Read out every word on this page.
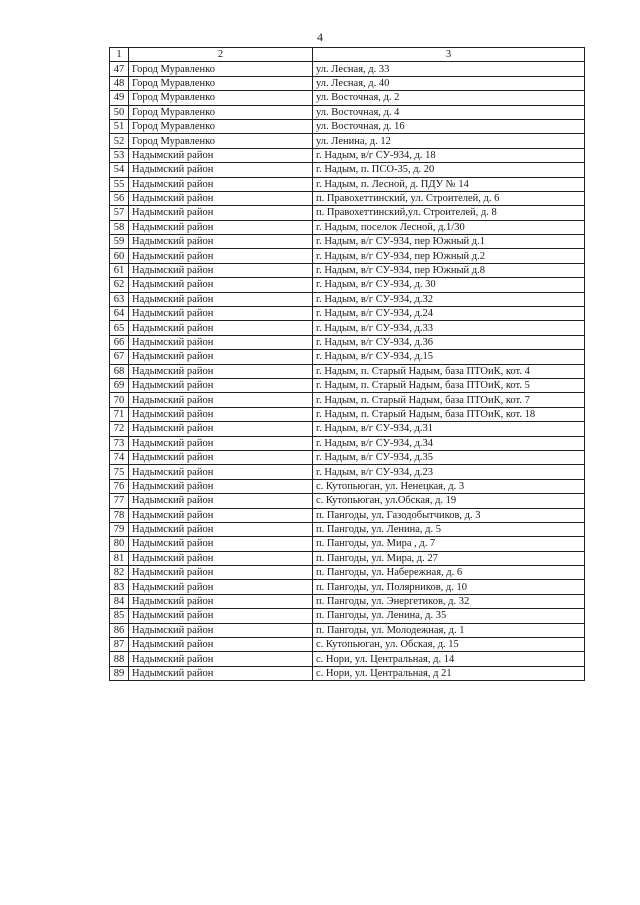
4
1	2	3
47	Город Муравленко	ул. Лесная, д. 33
48	Город Муравленко	ул. Лесная, д. 40
49	Город Муравленко	ул. Восточная, д. 2
50	Город Муравленко	ул. Восточная, д. 4
51	Город Муравленко	ул. Восточная, д. 16
52	Город Муравленко	ул. Ленина, д. 12
53	Надымский район	г. Надым, в/г СУ-934, д. 18
54	Надымский район	г. Надым, п. ПСО-35, д. 20
55	Надымский район	г. Надым, п. Лесной, д. ПДУ № 14
56	Надымский район	п. Правохеттинский, ул. Строителей, д. 6
57	Надымский район	п. Правохеттинский,ул. Строителей, д. 8
58	Надымский район	г. Надым, поселок Лесной, д.1/30
59	Надымский район	г. Надым, в/г СУ-934, пер Южный д.1
60	Надымский район	г. Надым, в/г СУ-934, пер Южный д.2
61	Надымский район	г. Надым, в/г СУ-934, пер Южный д.8
62	Надымский район	г. Надым, в/г СУ-934, д. 30
63	Надымский район	г. Надым, в/г СУ-934, д.32
64	Надымский район	г. Надым, в/г СУ-934, д.24
65	Надымский район	г. Надым, в/г СУ-934, д.33
66	Надымский район	г. Надым, в/г СУ-934, д.36
67	Надымский район	г. Надым, в/г СУ-934, д.15
68	Надымский район	г. Надым, п. Старый Надым, база ПТОиК, кот. 4
69	Надымский район	г. Надым, п. Старый Надым, база ПТОиК, кот. 5
70	Надымский район	г. Надым, п. Старый Надым, база ПТОиК, кот. 7
71	Надымский район	г. Надым, п. Старый Надым, база ПТОиК, кот. 18
72	Надымский район	г. Надым, в/г СУ-934, д.31
73	Надымский район	г. Надым, в/г СУ-934, д.34
74	Надымский район	г. Надым, в/г СУ-934, д.35
75	Надымский район	г. Надым, в/г СУ-934, д.23
76	Надымский район	с. Кутопьюган, ул. Ненецкая, д. 3
77	Надымский район	с. Кутопьюган, ул.Обская, д. 19
78	Надымский район	п. Пангоды, ул. Газодобытчиков, д. 3
79	Надымский район	п. Пангоды, ул. Ленина, д. 5
80	Надымский район	п. Пангоды, ул. Мира , д. 7
81	Надымский район	п. Пангоды, ул. Мира, д. 27
82	Надымский район	п. Пангоды, ул. Набережная, д. 6
83	Надымский район	п. Пангоды, ул. Полярников, д. 10
84	Надымский район	п. Пангоды, ул. Энергетиков, д. 32
85	Надымский район	п. Пангоды, ул. Ленина, д. 35
86	Надымский район	п. Пангоды, ул. Молодежная, д. 1
87	Надымский район	с. Кутопьюган, ул. Обская, д. 15
88	Надымский район	с. Нори, ул. Центральная, д. 14
89	Надымский район	с. Нори, ул. Центральная, д 21
